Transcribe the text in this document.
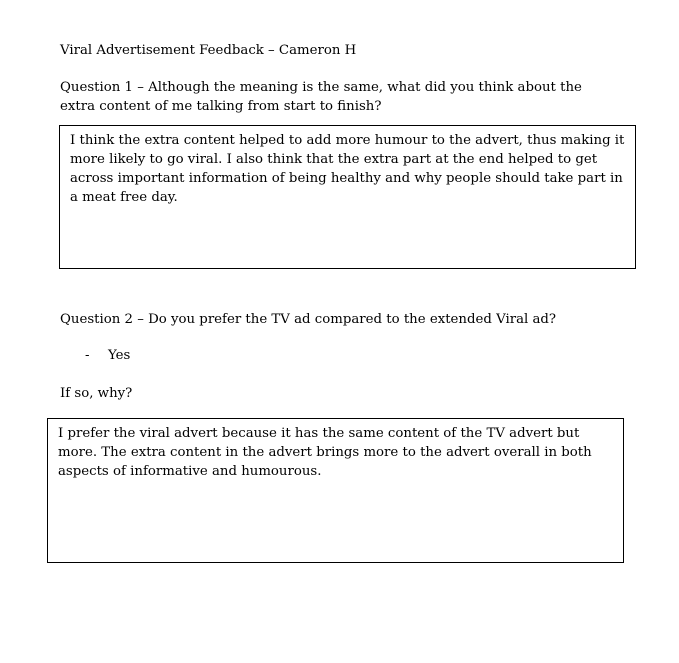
Viral Advertisement Feedback – Cameron H
Question 1 – Although the meaning is the same, what did you think about the extra content of me talking from start to finish?

I think the extra content helped to add more humour to the advert, thus making it more likely to go viral. I also think that the extra part at the end helped to get across important information of being healthy and why people should take part in a meat free day.

Question 2 – Do you prefer the TV ad compared to the extended Viral ad?
- Yes
If so, why?

I prefer the viral advert because it has the same content of the TV advert but more. The extra content in the advert brings more to the advert overall in both aspects of informative and humourous.
